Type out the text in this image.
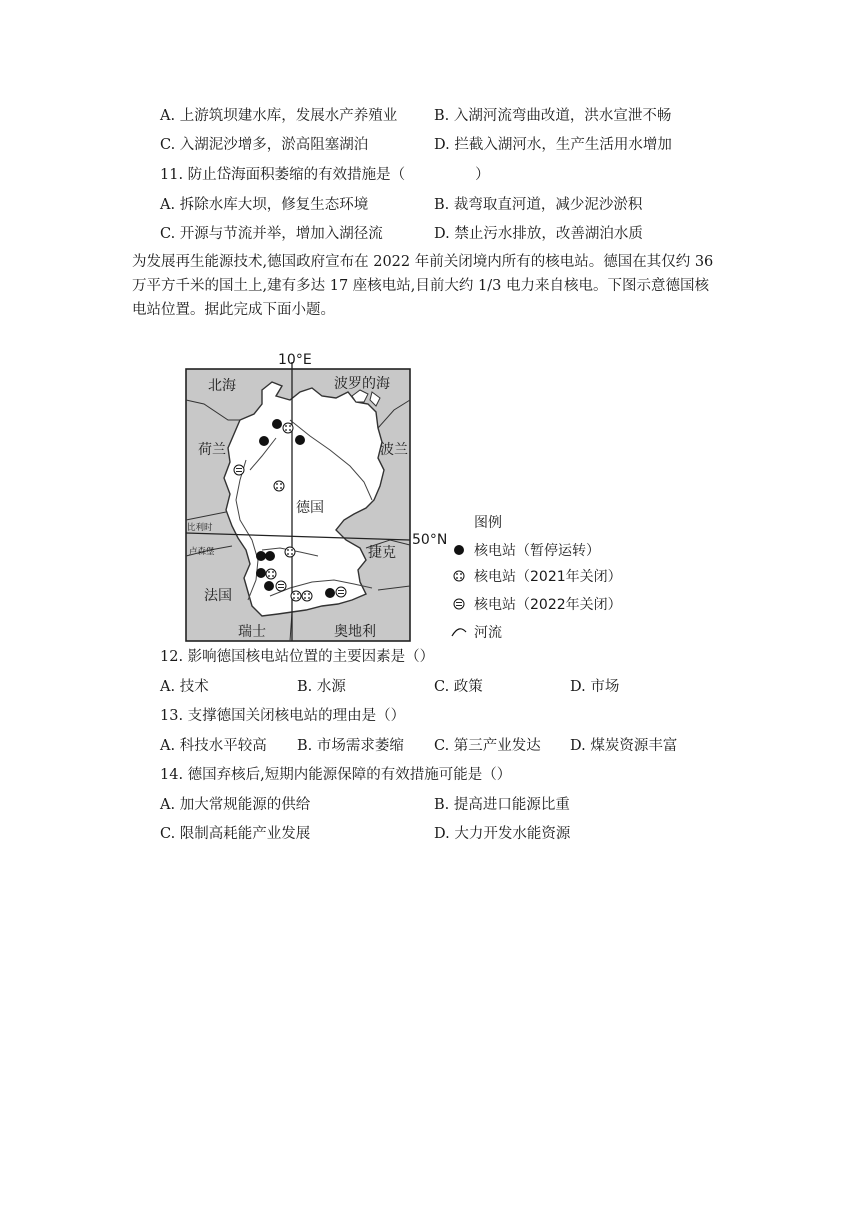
A. 上游筑坝建水库，发展水产养殖业	B. 入湖河流弯曲改道，洪水宣泄不畅
C. 入湖泥沙增多，淤高阻塞湖泊	D. 拦截入湖河水，生产生活用水增加
11. 防止岱海面积萎缩的有效措施是（	）
A. 拆除水库大坝，修复生态环境	B. 裁弯取直河道，减少泥沙淤积
C. 开源与节流并举，增加入湖径流	D. 禁止污水排放，改善湖泊水质
为发展再生能源技术,德国政府宣布在 2022 年前关闭境内所有的核电站。德国在其仅约 36
万平方千米的国土上,建有多达 17 座核电站,目前大约 1/3 电力来自核电。下图示意德国核
电站位置。据此完成下面小题。
10°E
50°N
北海	波罗的海
荷兰	波兰
德国
比利时
卢森堡	捷克
法国
瑞士	奥地利
图例
核电站（暂停运转）
核电站（2021年关闭）
核电站（2022年关闭）
河流
12. 影响德国核电站位置的主要因素是（）
A. 技术	B. 水源	C. 政策	D. 市场
13. 支撑德国关闭核电站的理由是（）
A. 科技水平较高 B. 市场需求萎缩 C. 第三产业发达 D. 煤炭资源丰富
14. 德国弃核后,短期内能源保障的有效措施可能是（）
A. 加大常规能源的供给	B. 提高进口能源比重
C. 限制高耗能产业发展	D. 大力开发水能资源
